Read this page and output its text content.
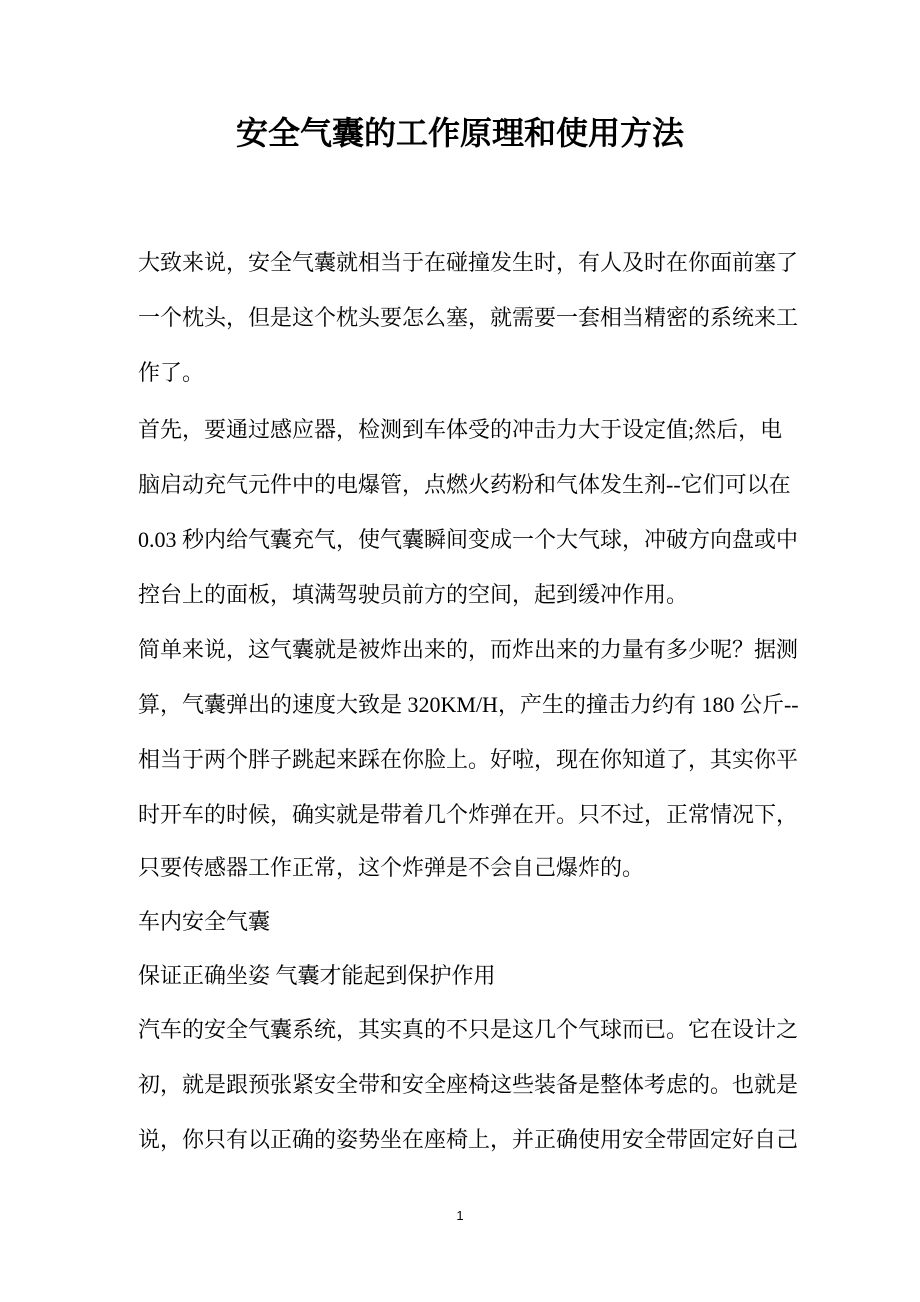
安全气囊的工作原理和使用方法
大致来说，安全气囊就相当于在碰撞发生时，有人及时在你面前塞了
一个枕头，但是这个枕头要怎么塞，就需要一套相当精密的系统来工
作了。
首先，要通过感应器，检测到车体受的冲击力大于设定值;然后，电
脑启动充气元件中的电爆管，点燃火药粉和气体发生剂--它们可以在
0.03 秒内给气囊充气，使气囊瞬间变成一个大气球，冲破方向盘或中
控台上的面板，填满驾驶员前方的空间，起到缓冲作用。
简单来说，这气囊就是被炸出来的，而炸出来的力量有多少呢？据测
算，气囊弹出的速度大致是 320KM/H，产生的撞击力约有 180 公斤--
相当于两个胖子跳起来踩在你脸上。好啦，现在你知道了，其实你平
时开车的时候，确实就是带着几个炸弹在开。只不过，正常情况下，
只要传感器工作正常，这个炸弹是不会自己爆炸的。
车内安全气囊
保证正确坐姿 气囊才能起到保护作用
汽车的安全气囊系统，其实真的不只是这几个气球而已。它在设计之
初，就是跟预张紧安全带和安全座椅这些装备是整体考虑的。也就是
说，你只有以正确的姿势坐在座椅上，并正确使用安全带固定好自己
1
